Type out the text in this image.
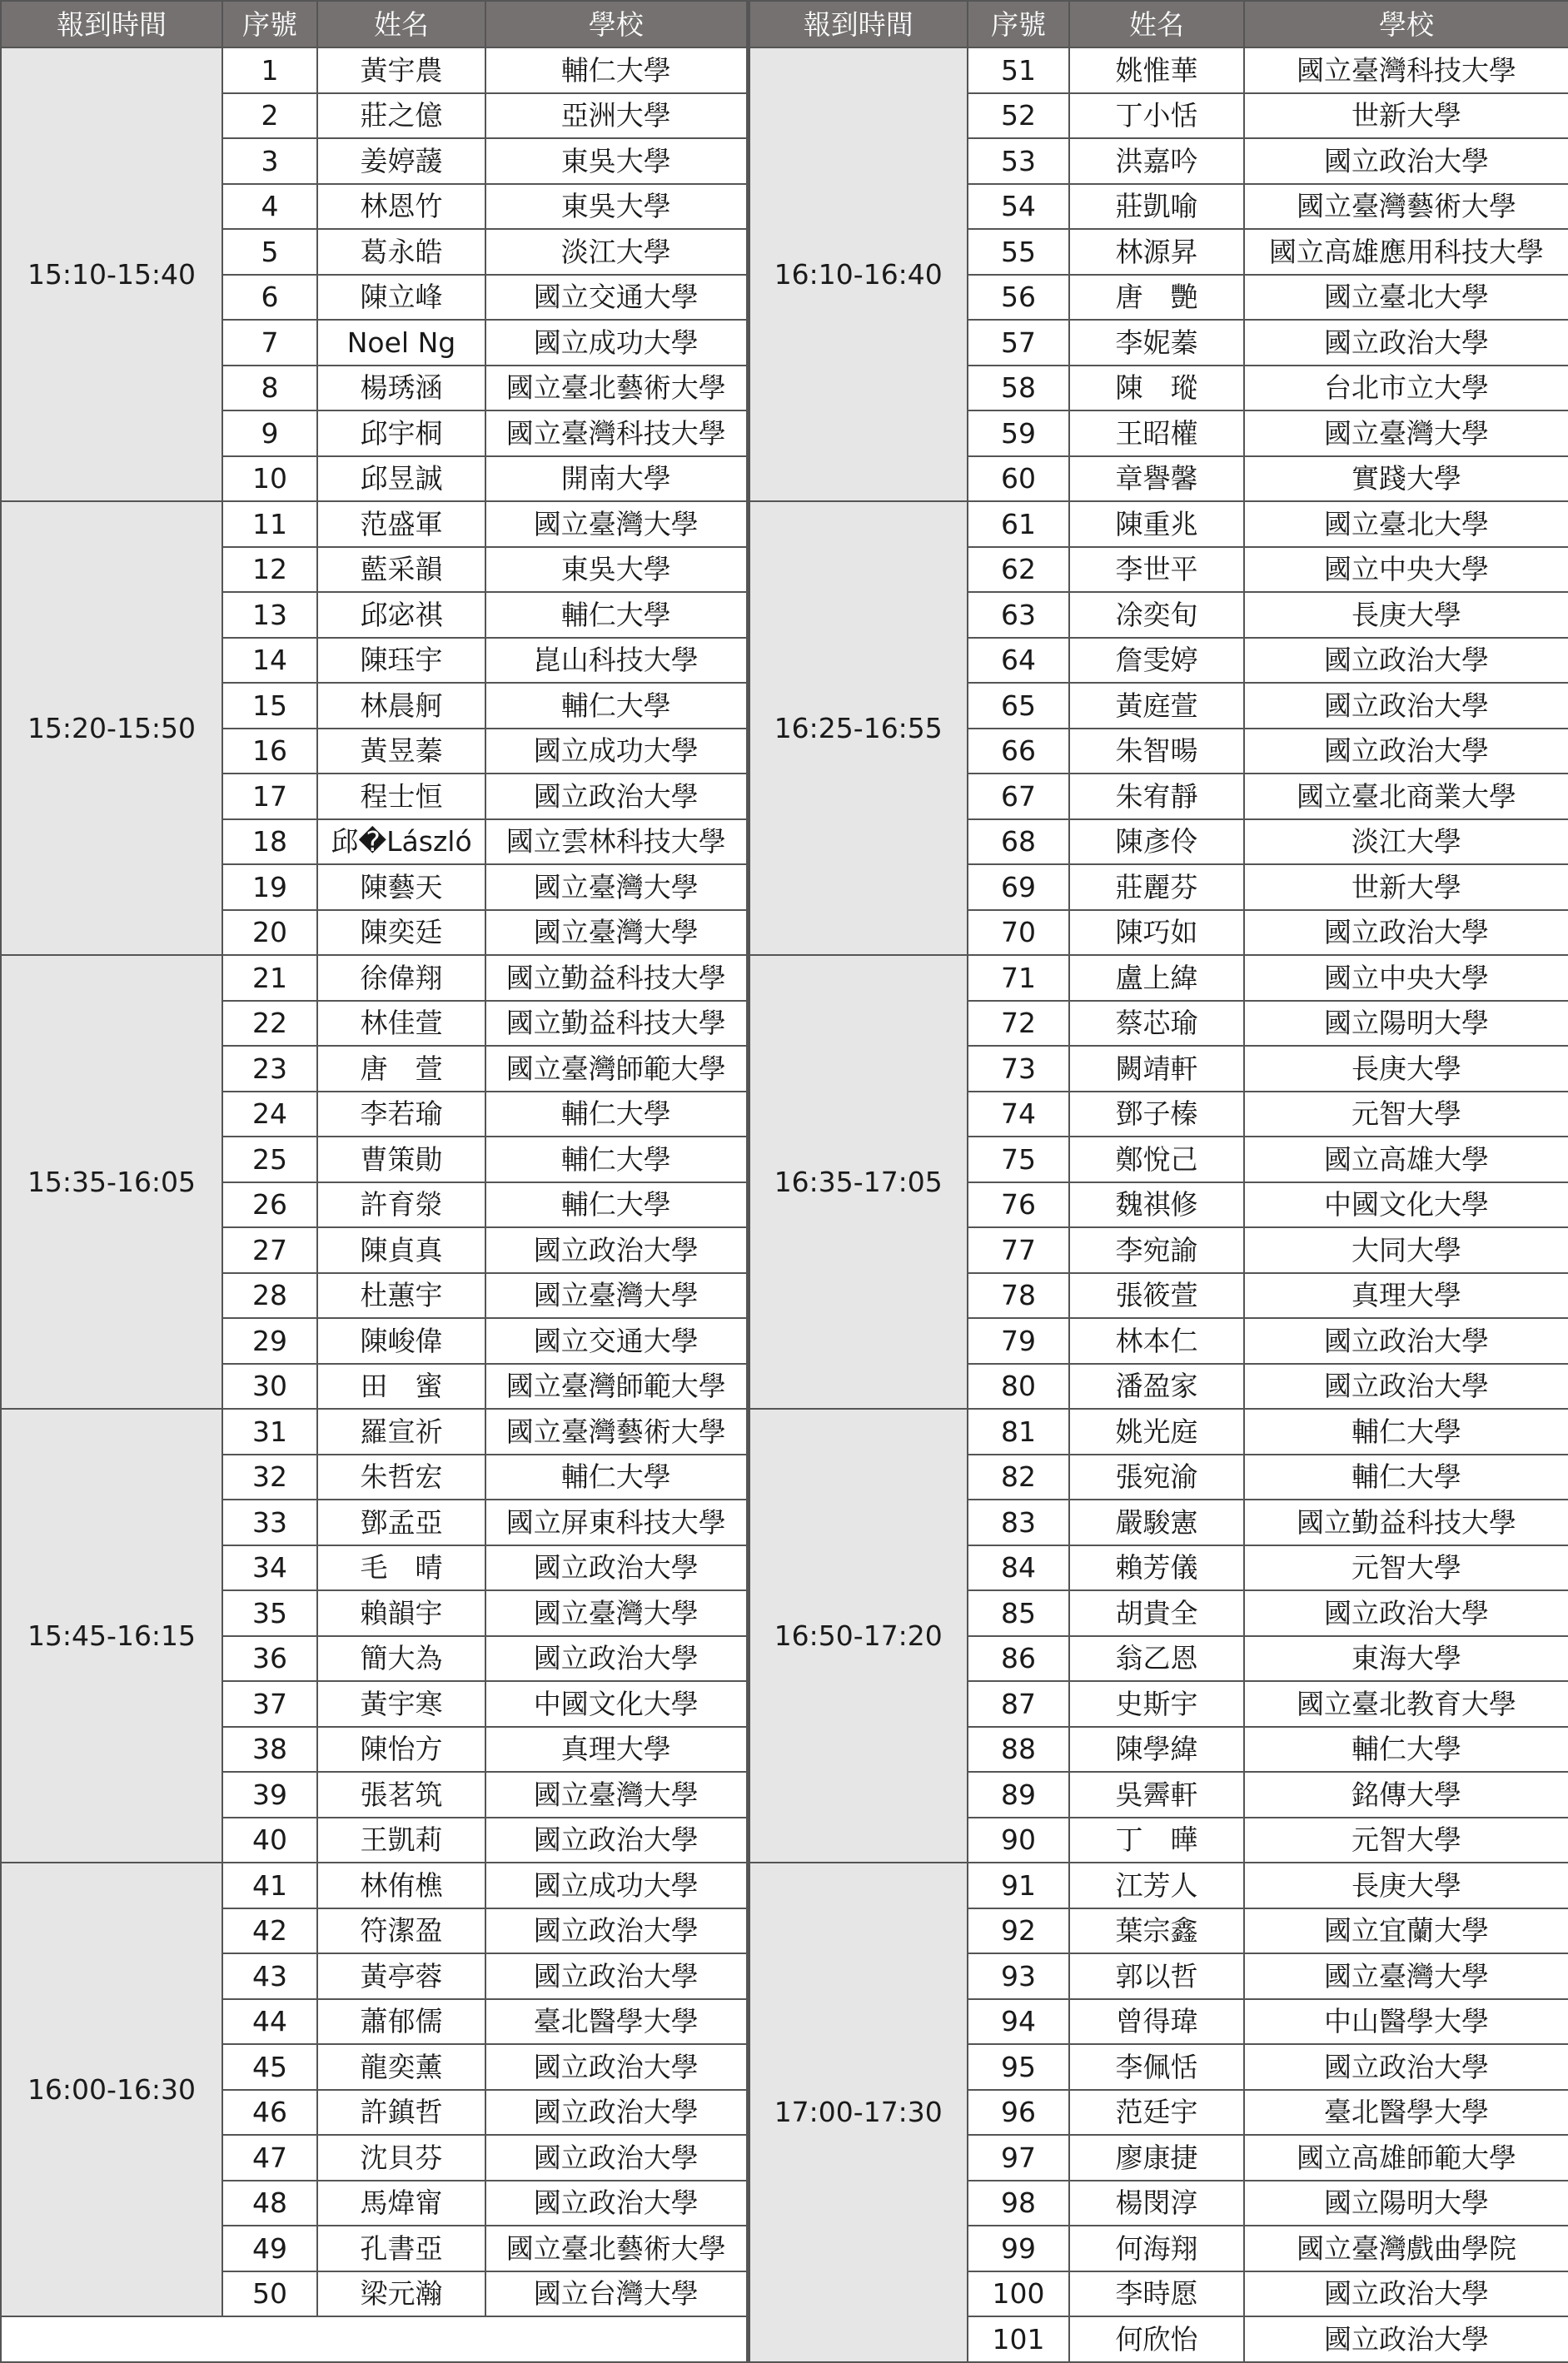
報到時間	序號	姓名	學校	報到時間	序號	姓名	學校
15:10-15:40	1	黃宇農	輔仁大學	16:10-16:40	51	姚惟華	國立臺灣科技大學
	2	莊之億	亞洲大學		52	丁小恬	世新大學
	3	姜婷蘐	東吳大學		53	洪嘉吟	國立政治大學
	4	林恩竹	東吳大學		54	莊凱喻	國立臺灣藝術大學
	5	葛永皓	淡江大學		55	林源昇	國立高雄應用科技大學
	6	陳立峰	國立交通大學		56	唐　艷	國立臺北大學
	7	Noel Ng	國立成功大學		57	李妮蓁	國立政治大學
	8	楊琇涵	國立臺北藝術大學		58	陳　瑽	台北市立大學
	9	邱宇桐	國立臺灣科技大學		59	王昭權	國立臺灣大學
	10	邱昱誠	開南大學		60	章譽馨	實踐大學
15:20-15:50	11	范盛軍	國立臺灣大學	16:25-16:55	61	陳重兆	國立臺北大學
	12	藍采韻	東吳大學		62	李世平	國立中央大學
	13	邱宓祺	輔仁大學		63	凃奕旬	長庚大學
	14	陳珏宇	崑山科技大學		64	詹雯婷	國立政治大學
	15	林晨舸	輔仁大學		65	黃庭萱	國立政治大學
	16	黃昱蓁	國立成功大學		66	朱智暘	國立政治大學
	17	程士恒	國立政治大學		67	朱宥靜	國立臺北商業大學
	18	邱�László	國立雲林科技大學		68	陳彥伶	淡江大學
	19	陳藝天	國立臺灣大學		69	莊麗芬	世新大學
	20	陳奕廷	國立臺灣大學		70	陳巧如	國立政治大學
15:35-16:05	21	徐偉翔	國立勤益科技大學	16:35-17:05	71	盧上緯	國立中央大學
	22	林佳萱	國立勤益科技大學		72	蔡芯瑜	國立陽明大學
	23	唐　萱	國立臺灣師範大學		73	闕靖軒	長庚大學
	24	李若瑜	輔仁大學		74	鄧子榛	元智大學
	25	曹策勛	輔仁大學		75	鄭悅己	國立高雄大學
	26	許育滎	輔仁大學		76	魏祺修	中國文化大學
	27	陳貞真	國立政治大學		77	李宛諭	大同大學
	28	杜蕙宇	國立臺灣大學		78	張筱萱	真理大學
	29	陳峻偉	國立交通大學		79	林本仁	國立政治大學
	30	田　蜜	國立臺灣師範大學		80	潘盈家	國立政治大學
15:45-16:15	31	羅宣祈	國立臺灣藝術大學	16:50-17:20	81	姚光庭	輔仁大學
	32	朱哲宏	輔仁大學		82	張宛渝	輔仁大學
	33	鄧孟亞	國立屏東科技大學		83	嚴駿憲	國立勤益科技大學
	34	毛　晴	國立政治大學		84	賴芳儀	元智大學
	35	賴韻宇	國立臺灣大學		85	胡貴全	國立政治大學
	36	簡大為	國立政治大學		86	翁乙恩	東海大學
	37	黃宇寒	中國文化大學		87	史斯宇	國立臺北教育大學
	38	陳怡方	真理大學		88	陳學緯	輔仁大學
	39	張茗筑	國立臺灣大學		89	吳霽軒	銘傳大學
	40	王凱莉	國立政治大學		90	丁　曄	元智大學
16:00-16:30	41	林侑樵	國立成功大學	17:00-17:30	91	江芳人	長庚大學
	42	符潔盈	國立政治大學		92	葉宗鑫	國立宜蘭大學
	43	黃亭蓉	國立政治大學		93	郭以哲	國立臺灣大學
	44	蕭郁儒	臺北醫學大學		94	曾得瑋	中山醫學大學
	45	龍奕薰	國立政治大學		95	李佩恬	國立政治大學
	46	許鎮哲	國立政治大學		96	范廷宇	臺北醫學大學
	47	沈貝芬	國立政治大學		97	廖康捷	國立高雄師範大學
	48	馬煒甯	國立政治大學		98	楊閔淳	國立陽明大學
	49	孔書亞	國立臺北藝術大學		99	何海翔	國立臺灣戲曲學院
	50	梁元瀚	國立台灣大學		100	李時愿	國立政治大學
					101	何欣怡	國立政治大學
